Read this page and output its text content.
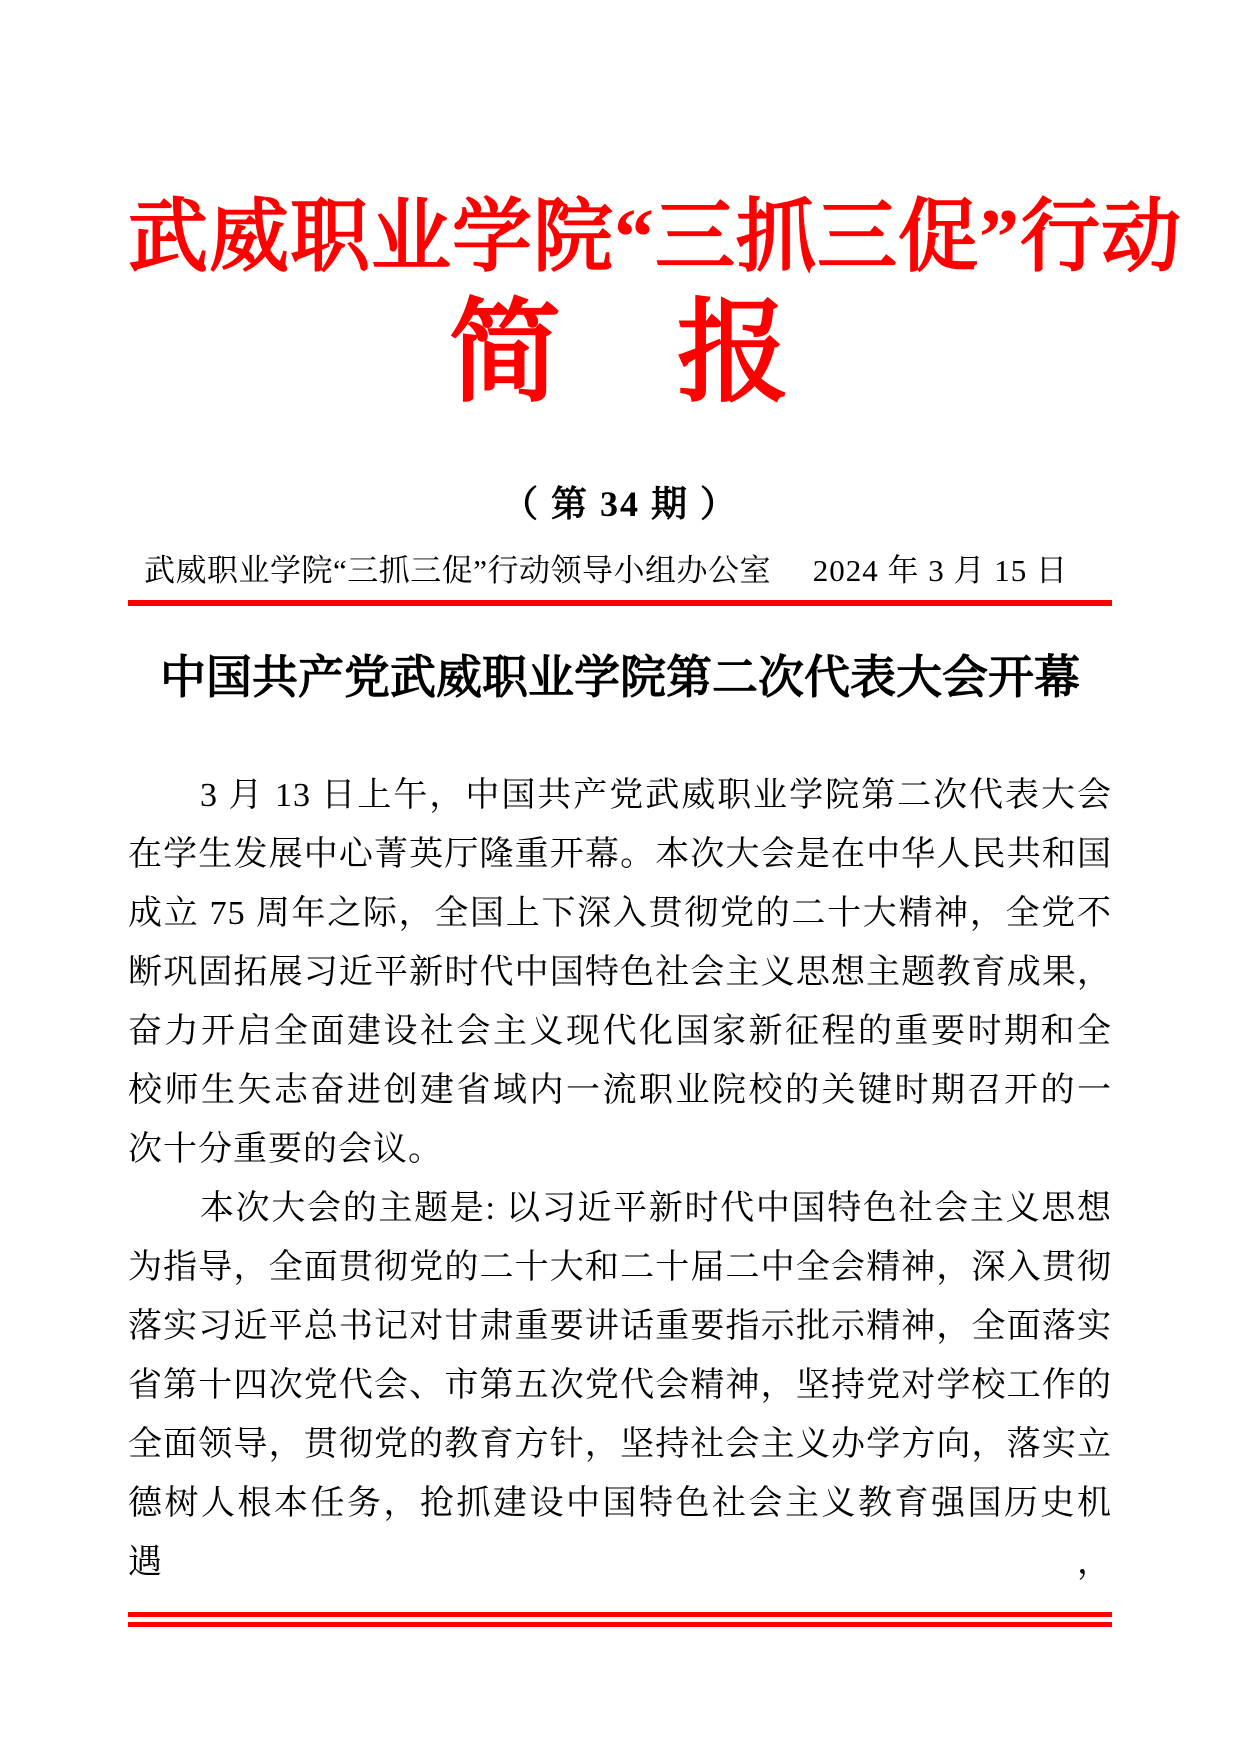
武威职业学院“三抓三促”行动
简　报
（ 第 34 期 ）
武威职业学院“三抓三促”行动领导小组办公室 2024 年 3 月 15 日
中国共产党武威职业学院第二次代表大会开幕
3 月 13 日上午，中国共产党武威职业学院第二次代表大会
在学生发展中心菁英厅隆重开幕。本次大会是在中华人民共和国
成立 75 周年之际，全国上下深入贯彻党的二十大精神，全党不
断巩固拓展习近平新时代中国特色社会主义思想主题教育成果，
奋力开启全面建设社会主义现代化国家新征程的重要时期和全
校师生矢志奋进创建省域内一流职业院校的关键时期召开的一
次十分重要的会议。
本次大会的主题是: 以习近平新时代中国特色社会主义思想
为指导，全面贯彻党的二十大和二十届二中全会精神，深入贯彻
落实习近平总书记对甘肃重要讲话重要指示批示精神，全面落实
省第十四次党代会、市第五次党代会精神，坚持党对学校工作的
全面领导，贯彻党的教育方针，坚持社会主义办学方向，落实立
德树人根本任务，抢抓建设中国特色社会主义教育强国历史机遇，
